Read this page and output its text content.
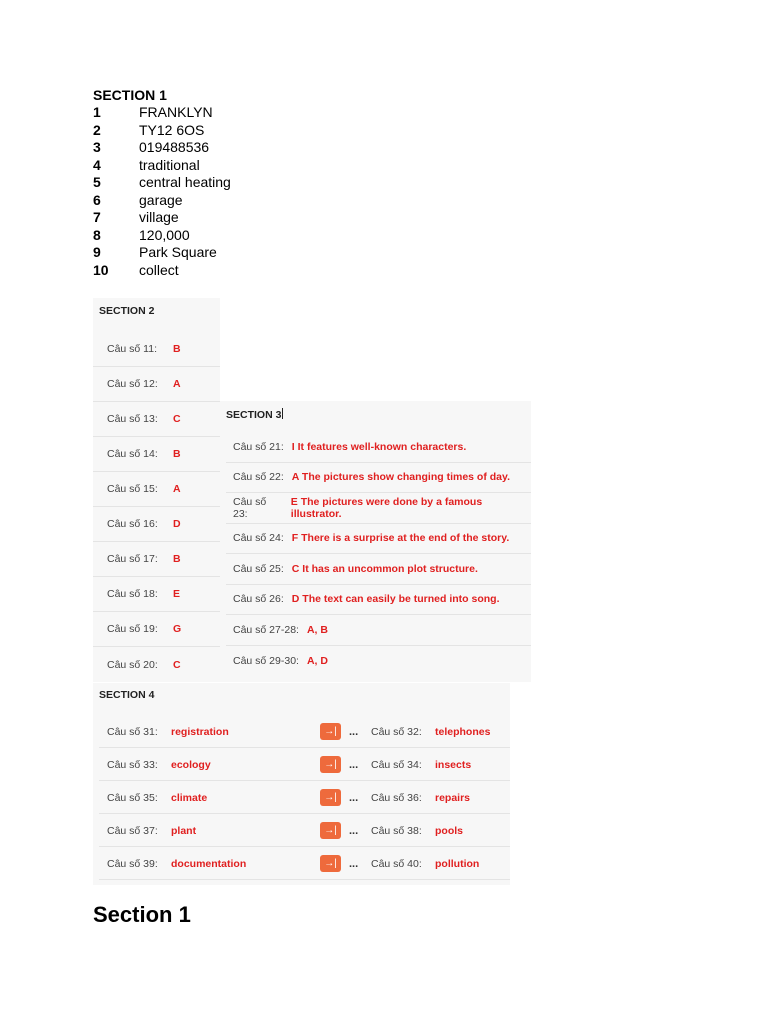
SECTION 1
1	FRANKLYN
2	TY12 6OS
3	019488536
4	traditional
5	central heating
6	garage
7	village
8	120,000
9	Park Square
10	collect
SECTION 2
Câu số 11:	B
Câu số 12:	A
Câu số 13:	C
Câu số 14:	B
Câu số 15:	A
Câu số 16:	D
Câu số 17:	B
Câu số 18:	E
Câu số 19:	G
Câu số 20:	C
SECTION 3
Câu số 21: I It features well-known characters.
Câu số 22: A The pictures show changing times of day.
Câu số 23:
E The pictures were done by a famous illustrator.
Câu số 24: F There is a surprise at the end of the story.
Câu số 25: C It has an uncommon plot structure.
Câu số 26: D The text can easily be turned into song.
Câu số 27-28: A, B
Câu số 29-30: A, D
SECTION 4
Câu số 31:	registration	→|	...	Câu số 32:	telephones
Câu số 33:	ecology	→|	...	Câu số 34:	insects
Câu số 35:	climate	→|	...	Câu số 36:	repairs
Câu số 37:	plant	→|	...	Câu số 38:	pools
Câu số 39:	documentation	→|	...	Câu số 40:	pollution
Section 1
